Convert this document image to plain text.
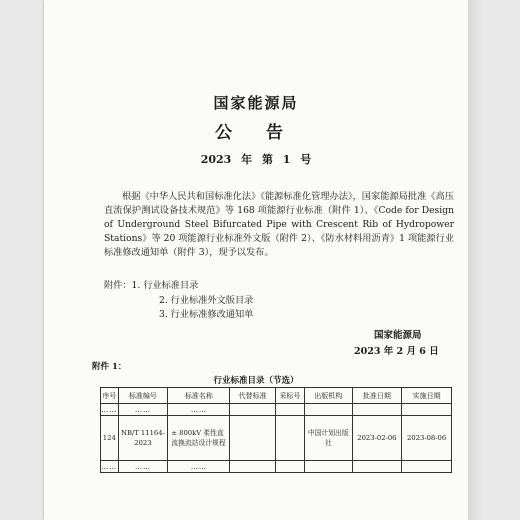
国家能源局
公 告
2023 年 第 1 号
根据《中华人民共和国标准化法》《能源标准化管理办法》，国家能源局批准《高压直流保护测试设备技术规范》等 168 项能源行业标准（附件 1）、《Code for Design of Underground Steel Bifurcated Pipe with Crescent Rib of Hydropower Stations》等 20 项能源行业标准外文版（附件 2）、《防水材料用沥青》1 项能源行业标准修改通知单（附件 3），现予以发布。
附件：1. 行业标准目录
2. 行业标准外文版目录
3. 行业标准修改通知单
国家能源局
2023 年 2 月 6 日
附件 1：
行业标准目录（节选）
序号	标准编号	标准名称	代替标准	采标号	出版机构	批准日期	实施日期
……	……	……					
124	NB/T 11164-2023	± 800kV 柔性直流换流站设计规程			中国计划出版社	2023-02-06	2023-08-06
……	……	……					
